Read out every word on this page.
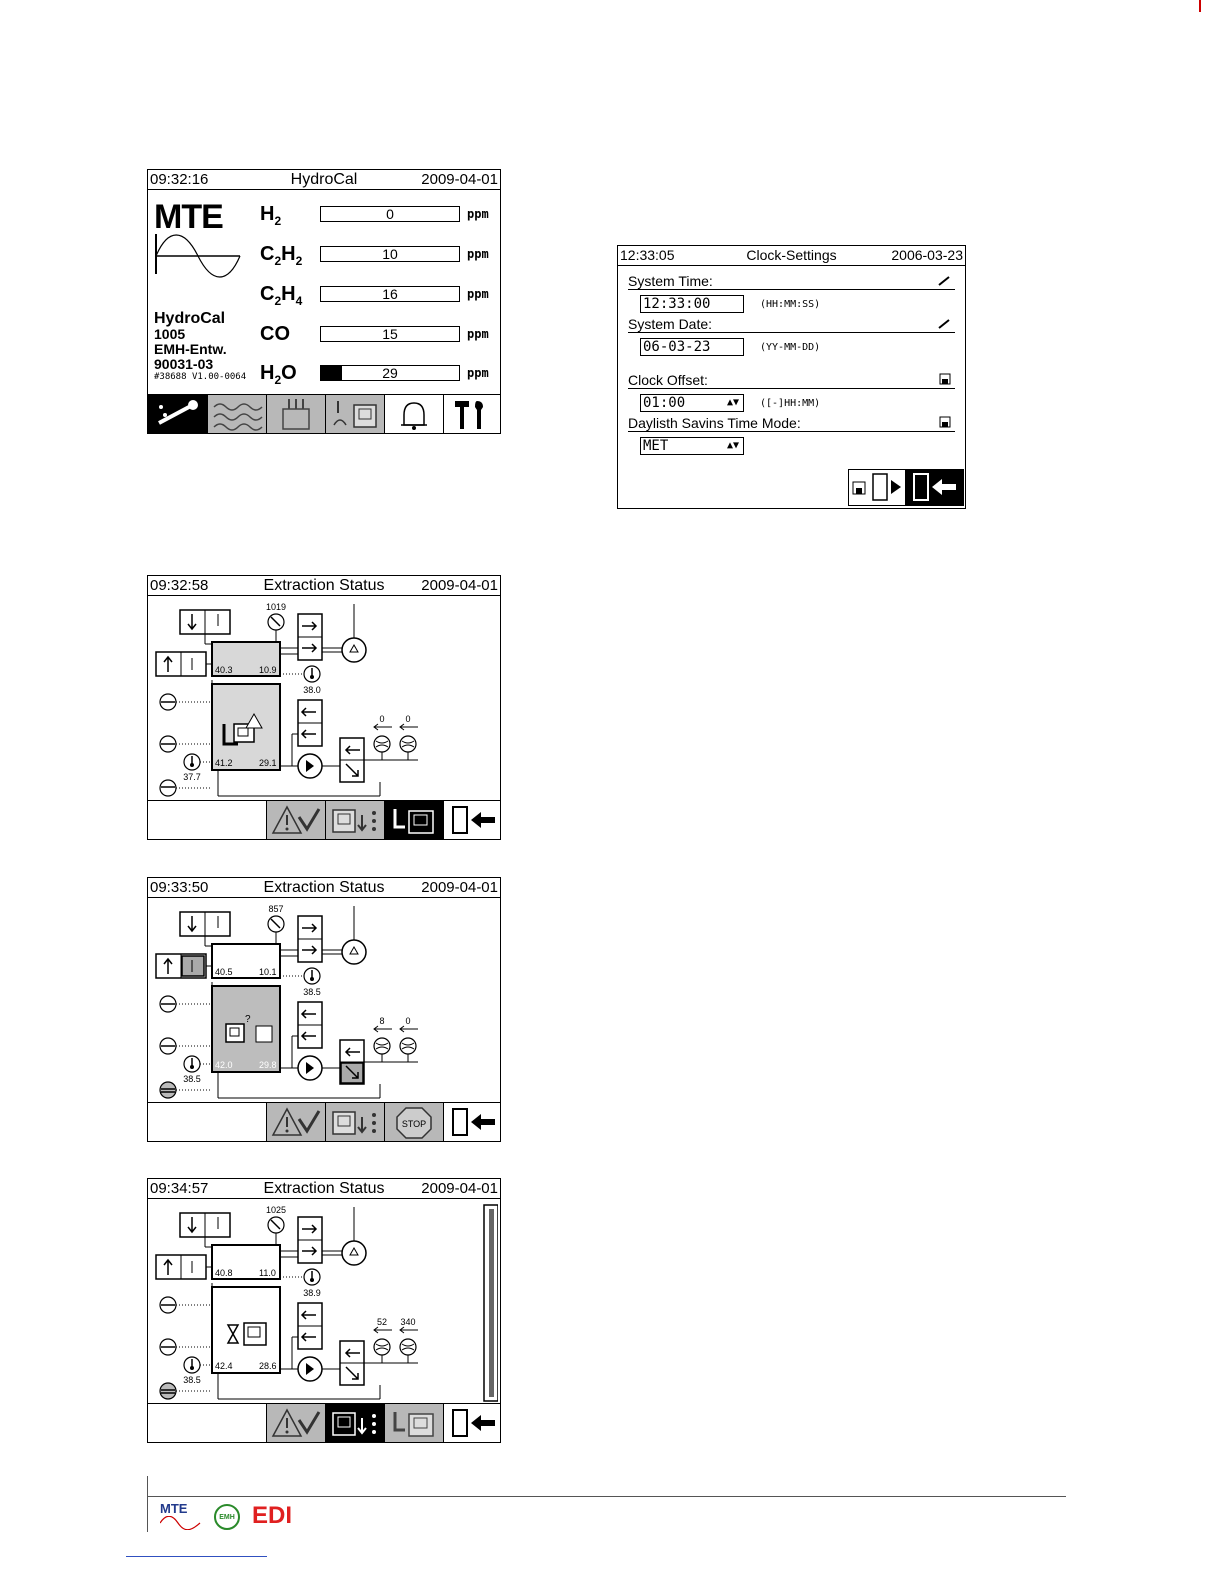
09:32:16	HydroCal	2009-04-01
MTE
HydroCal
1005
EMH-Entw.
90031-03
#38688 V1.00-0064
$H_2$	0	ppm
$C_2H_2$	10	ppm
$C_2H_4$	16	ppm
CO	15	ppm
$H_2O$	29	ppm
12:33:05	Clock-Settings	2006-03-23
System Time:
12:33:00	(HH:MM:SS)
System Date:
06-03-23	(YY-MM-DD)
Clock Offset:
01:00	▲▼ ([-]HH:MM)
Daylisth Savins Time Mode:
MET	▲▼
09:32:58	Extraction Status	2009-04-01
40.3	10.9
1019
38.0
41.2	29.1
37.7
0 0
09:33:50	Extraction Status	2009-04-01
40.5	10.1
857
38.5
?
42.0	29.8
38.5
8 0
STOP
09:34:57	Extraction Status	2009-04-01
40.8	11.0
1025
38.9
42.4	28.6
38.5
52 340
MTE
EMH EDI
